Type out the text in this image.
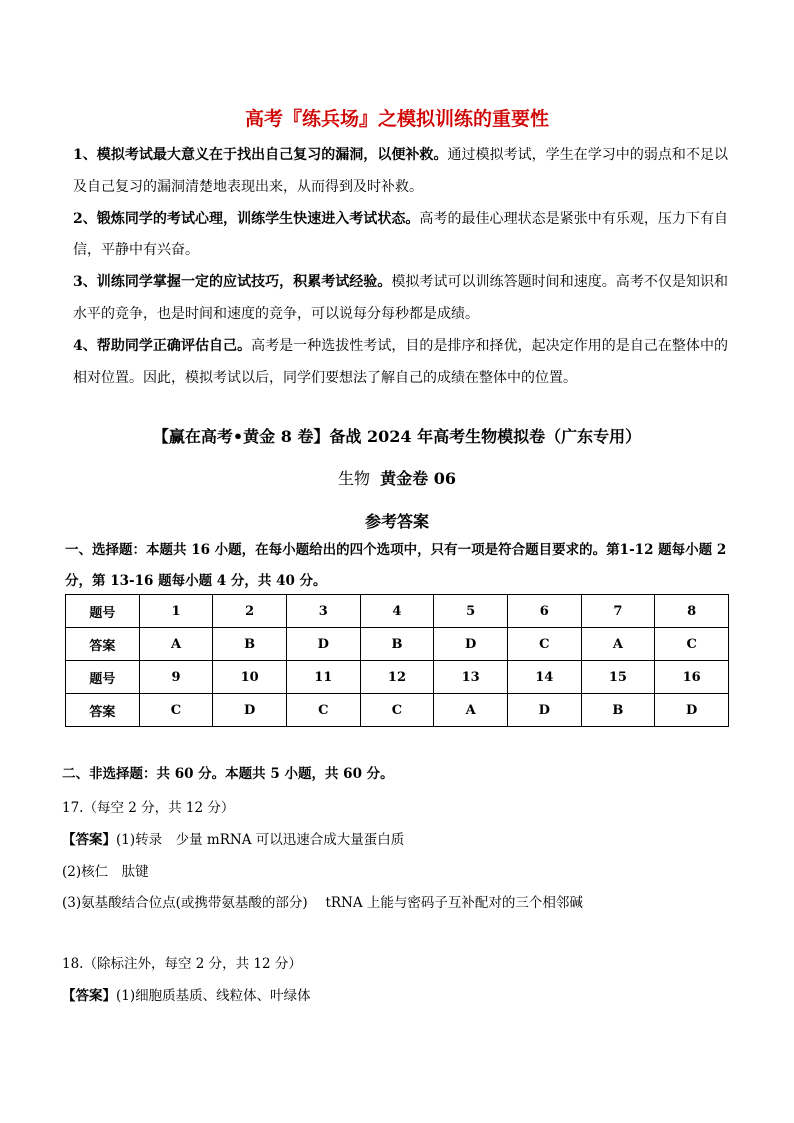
高考『练兵场』之模拟训练的重要性

1、模拟考试最大意义在于找出自己复习的漏洞，以便补救。通过模拟考试，学生在学习中的弱点和不足以及自己复习的漏洞清楚地表现出来，从而得到及时补救。

2、锻炼同学的考试心理，训练学生快速进入考试状态。高考的最佳心理状态是紧张中有乐观，压力下有自信，平静中有兴奋。

3、训练同学掌握一定的应试技巧，积累考试经验。模拟考试可以训练答题时间和速度。高考不仅是知识和水平的竞争，也是时间和速度的竞争，可以说每分每秒都是成绩。

4、帮助同学正确评估自己。高考是一种选拔性考试，目的是排序和择优，起决定作用的是自己在整体中的相对位置。因此，模拟考试以后，同学们要想法了解自己的成绩在整体中的位置。

【赢在高考•黄金 8 卷】备战 2024 年高考生物模拟卷（广东专用）
生物 黄金卷 06
参考答案

一、选择题：本题共 16 小题，在每小题给出的四个选项中，只有一项是符合题目要求的。第1-12 题每小题 2 分，第 13-16 题每小题 4 分，共 40 分。

题号	1	2	3	4	5	6	7	8
答案	A	B	D	B	D	C	A	C
题号	9	10	11	12	13	14	15	16
答案	C	D	C	C	A	D	B	D

二、非选择题：共 60 分。本题共 5 小题，共 60 分。

17.（每空 2 分，共 12 分）

【答案】(1)转录　少量 mRNA 可以迅速合成大量蛋白质

(2)核仁　肽键

(3)氨基酸结合位点(或携带氨基酸的部分)　 tRNA 上能与密码子互补配对的三个相邻碱

18.（除标注外，每空 2 分，共 12 分）

【答案】(1)细胞质基质、线粒体、叶绿体
